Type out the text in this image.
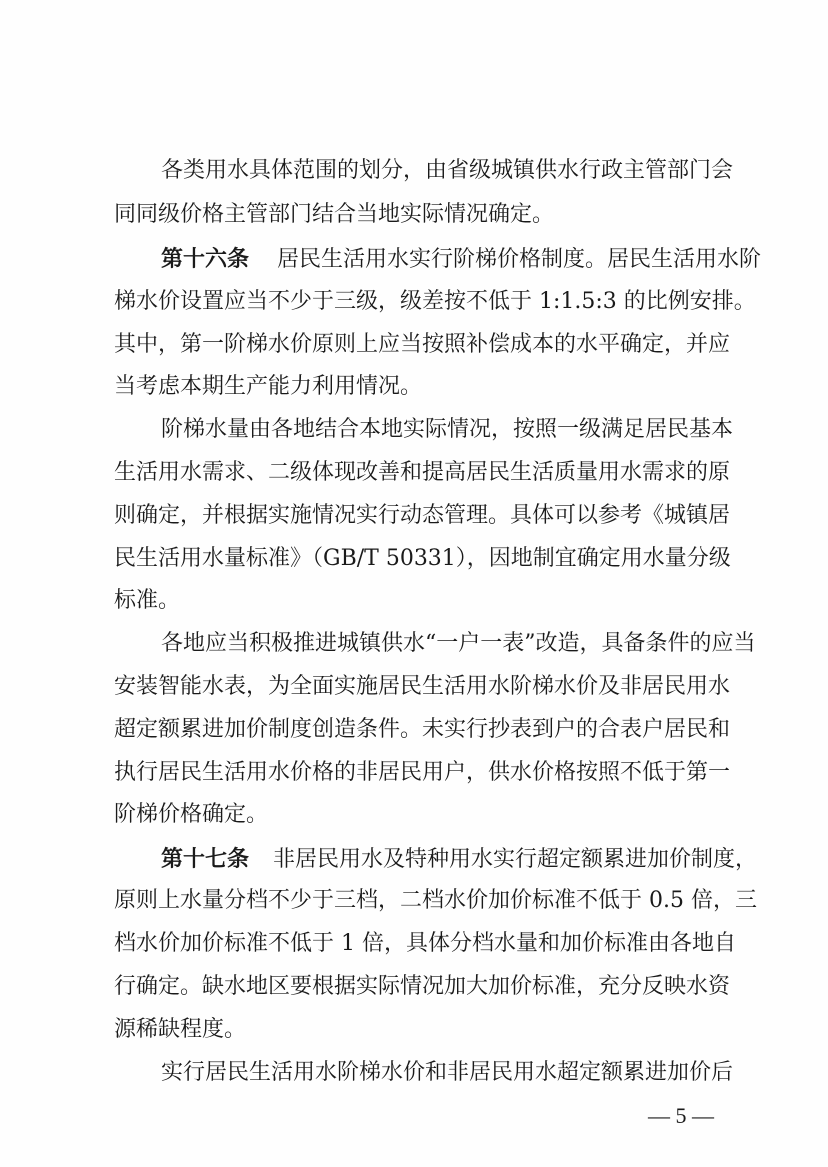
各类用水具体范围的划分，由省级城镇供水行政主管部门会
同同级价格主管部门结合当地实际情况确定。
第十六条 居民生活用水实行阶梯价格制度。居民生活用水阶
梯水价设置应当不少于三级，级差按不低于 1:1.5:3 的比例安排。
其中，第一阶梯水价原则上应当按照补偿成本的水平确定，并应
当考虑本期生产能力利用情况。
阶梯水量由各地结合本地实际情况，按照一级满足居民基本
生活用水需求、二级体现改善和提高居民生活质量用水需求的原
则确定，并根据实施情况实行动态管理。具体可以参考《城镇居
民生活用水量标准》（GB/T 50331），因地制宜确定用水量分级
标准。
各地应当积极推进城镇供水“一户一表”改造，具备条件的应当
安装智能水表，为全面实施居民生活用水阶梯水价及非居民用水
超定额累进加价制度创造条件。未实行抄表到户的合表户居民和
执行居民生活用水价格的非居民用户，供水价格按照不低于第一
阶梯价格确定。
第十七条 非居民用水及特种用水实行超定额累进加价制度，
原则上水量分档不少于三档，二档水价加价标准不低于 0.5 倍，三
档水价加价标准不低于 1 倍，具体分档水量和加价标准由各地自
行确定。缺水地区要根据实际情况加大加价标准，充分反映水资
源稀缺程度。
实行居民生活用水阶梯水价和非居民用水超定额累进加价后
— 5 —
